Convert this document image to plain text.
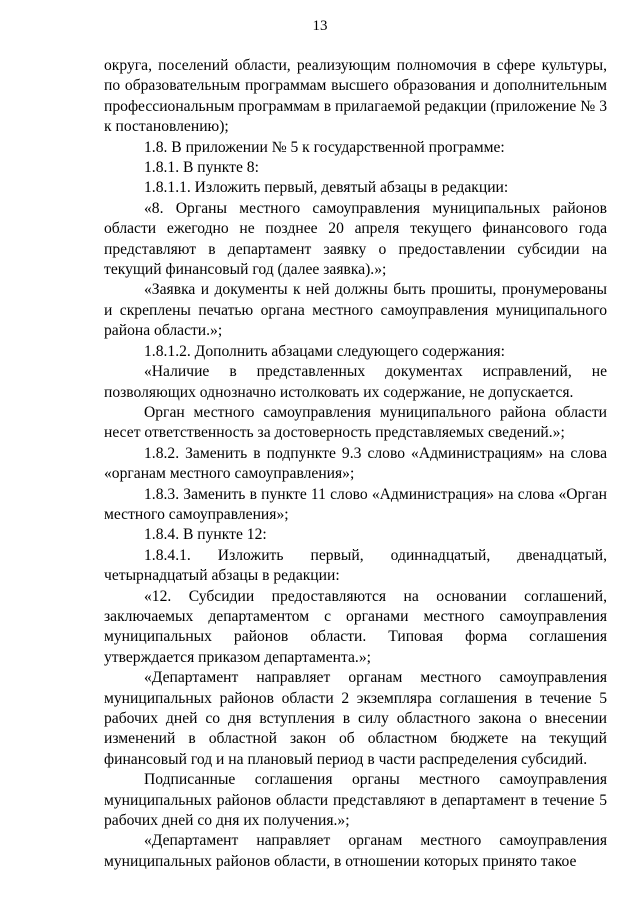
13

округа, поселений области, реализующим полномочия в сфере культуры, по образовательным программам высшего образования и дополнительным профессиональным программам в прилагаемой редакции (приложение № 3 к постановлению);

1.8. В приложении № 5 к государственной программе:

1.8.1. В пункте 8:

1.8.1.1. Изложить первый, девятый абзацы в редакции:

«8. Органы местного самоуправления муниципальных районов области ежегодно не позднее 20 апреля текущего финансового года представляют в департамент заявку о предоставлении субсидии на текущий финансовый год (далее заявка).»;

«Заявка и документы к ней должны быть прошиты, пронумерованы и скреплены печатью органа местного самоуправления муниципального района области.»;

1.8.1.2. Дополнить абзацами следующего содержания:

«Наличие в представленных документах исправлений, не позволяющих однозначно истолковать их содержание, не допускается.

Орган местного самоуправления муниципального района области несет ответственность за достоверность представляемых сведений.»;

1.8.2. Заменить в подпункте 9.3 слово «Администрациям» на слова «органам местного самоуправления»;

1.8.3. Заменить в пункте 11 слово «Администрация» на слова «Орган местного самоуправления»;

1.8.4. В пункте 12:

1.8.4.1. Изложить первый, одиннадцатый, двенадцатый, четырнадцатый абзацы в редакции:

«12. Субсидии предоставляются на основании соглашений, заключаемых департаментом с органами местного самоуправления муниципальных районов области. Типовая форма соглашения утверждается приказом департамента.»;

«Департамент направляет органам местного самоуправления муниципальных районов области 2 экземпляра соглашения в течение 5 рабочих дней со дня вступления в силу областного закона о внесении изменений в областной закон об областном бюджете на текущий финансовый год и на плановый период в части распределения субсидий.

Подписанные соглашения органы местного самоуправления муниципальных районов области представляют в департамент в течение 5 рабочих дней со дня их получения.»;

«Департамент направляет органам местного самоуправления муниципальных районов области, в отношении которых принято такое
